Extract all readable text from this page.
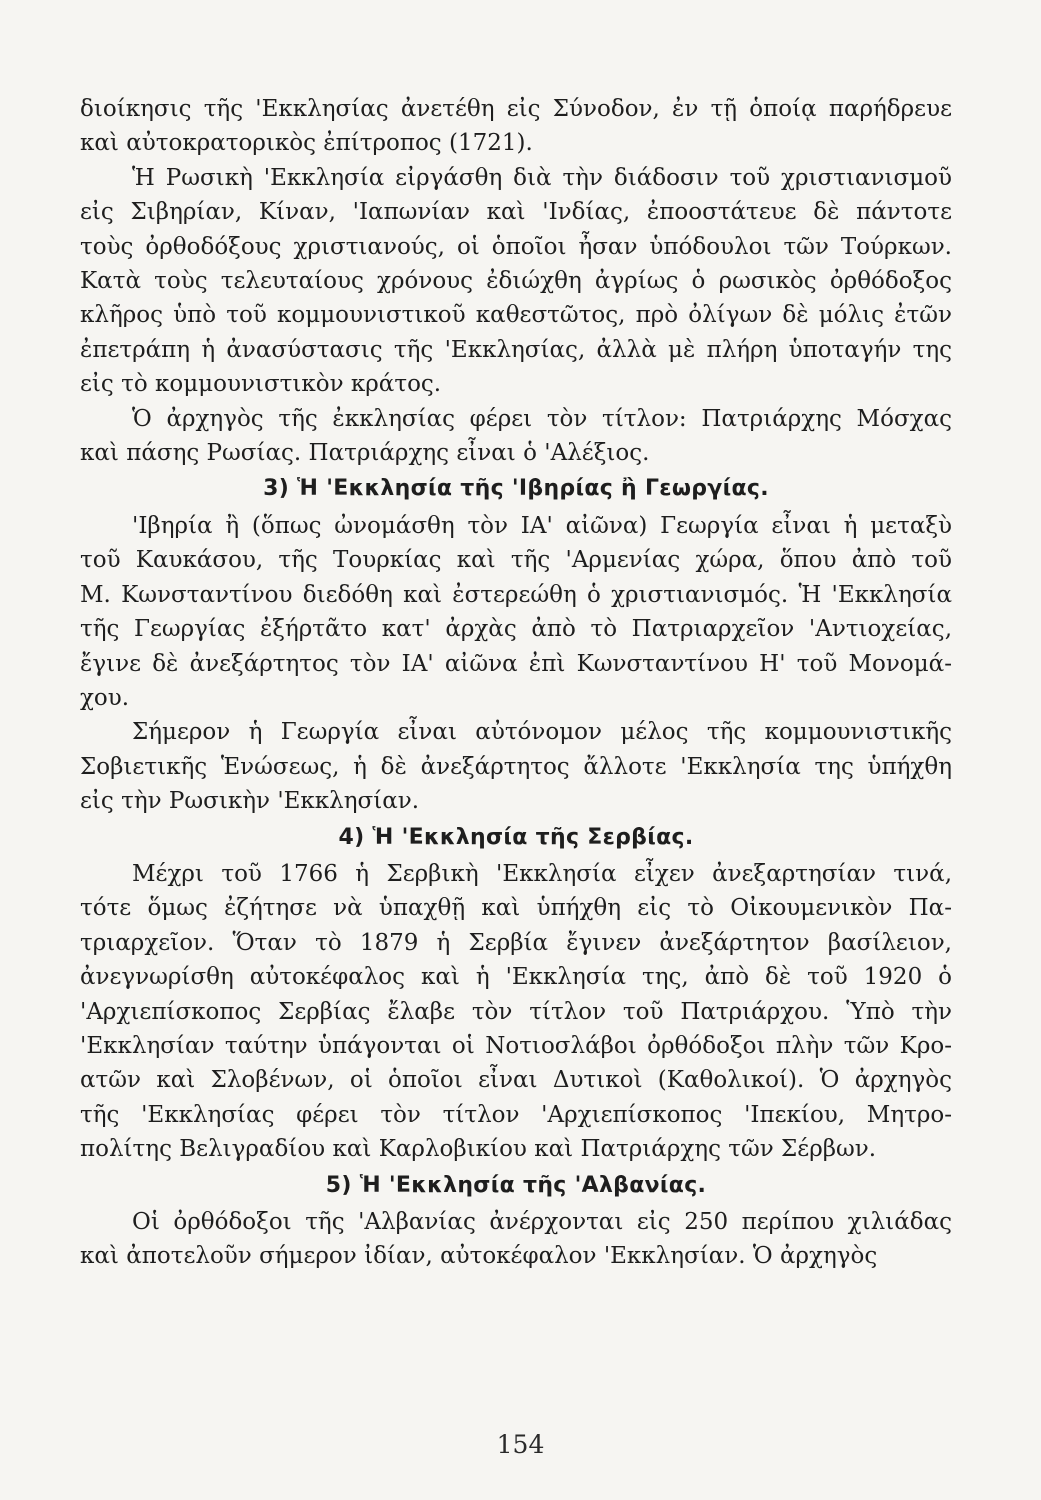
διοίκησις τῆς 'Εκκλησίας ἀνετέθη εἰς Σύνοδον, ἐν τῇ ὁποίᾳ παρήδρευε
καὶ αὐτοκρατορικὸς ἐπίτροπος (1721).
Ἡ Ρωσικὴ 'Εκκλησία εἰργάσθη διὰ τὴν διάδοσιν τοῦ χριστιανισμοῦ
εἰς Σιβηρίαν, Κίναν, 'Ιαπωνίαν καὶ 'Ινδίας, ἐποοστάτευε δὲ πάντοτε
τοὺς ὀρθοδόξους χριστιανούς, οἱ ὁποῖοι ἦσαν ὑπόδουλοι τῶν Τούρκων.
Κατὰ τοὺς τελευταίους χρόνους ἐδιώχθη ἀγρίως ὁ ρωσικὸς ὀρθόδοξος
κλῆρος ὑπὸ τοῦ κομμουνιστικοῦ καθεστῶτος, πρὸ ὀλίγων δὲ μόλις ἐτῶν
ἐπετράπη ἡ ἀνασύστασις τῆς 'Εκκλησίας, ἀλλὰ μὲ πλήρη ὑποταγήν της
εἰς τὸ κομμουνιστικὸν κράτος.
Ὁ ἀρχηγὸς τῆς ἐκκλησίας φέρει τὸν τίτλον: Πατριάρχης Μόσχας
καὶ πάσης Ρωσίας. Πατριάρχης εἶναι ὁ 'Αλέξιος.
3) Ἡ 'Εκκλησία τῆς 'Ιβηρίας ἢ Γεωργίας.
'Ιβηρία ἢ (ὅπως ὠνομάσθη τὸν ΙΑ' αἰῶνα) Γεωργία εἶναι ἡ μεταξὺ
τοῦ Καυκάσου, τῆς Τουρκίας καὶ τῆς 'Αρμενίας χώρα, ὅπου ἀπὸ τοῦ
Μ. Κωνσταντίνου διεδόθη καὶ ἐστερεώθη ὁ χριστιανισμός. Ἡ 'Εκκλησία
τῆς Γεωργίας ἐξήρτᾶτο κατ' ἀρχὰς ἀπὸ τὸ Πατριαρχεῖον 'Αντιοχείας,
ἔγινε δὲ ἀνεξάρτητος τὸν ΙΑ' αἰῶνα ἐπὶ Κωνσταντίνου Η' τοῦ Μονομά-
χου.
Σήμερον ἡ Γεωργία εἶναι αὐτόνομον μέλος τῆς κομμουνιστικῆς
Σοβιετικῆς Ἑνώσεως, ἡ δὲ ἀνεξάρτητος ἄλλοτε 'Εκκλησία της ὑπήχθη
εἰς τὴν Ρωσικὴν 'Εκκλησίαν.
4) Ἡ 'Εκκλησία τῆς Σερβίας.
Μέχρι τοῦ 1766 ἡ Σερβικὴ 'Εκκλησία εἶχεν ἀνεξαρτησίαν τινά,
τότε ὅμως ἐζήτησε νὰ ὑπαχθῇ καὶ ὑπήχθη εἰς τὸ Οἰκουμενικὸν Πα-
τριαρχεῖον. Ὅταν τὸ 1879 ἡ Σερβία ἔγινεν ἀνεξάρτητον βασίλειον,
ἀνεγνωρίσθη αὐτοκέφαλος καὶ ἡ 'Εκκλησία της, ἀπὸ δὲ τοῦ 1920 ὁ
'Αρχιεπίσκοπος Σερβίας ἔλαβε τὸν τίτλον τοῦ Πατριάρχου. Ὑπὸ τὴν
'Εκκλησίαν ταύτην ὑπάγονται οἱ Νοτιοσλάβοι ὀρθόδοξοι πλὴν τῶν Κρο-
ατῶν καὶ Σλοβένων, οἱ ὁποῖοι εἶναι Δυτικοὶ (Καθολικοί). Ὁ ἀρχηγὸς
τῆς 'Εκκλησίας φέρει τὸν τίτλον 'Αρχιεπίσκοπος 'Ιπεκίου, Μητρο-
πολίτης Βελιγραδίου καὶ Καρλοβικίου καὶ Πατριάρχης τῶν Σέρβων.
5) Ἡ 'Εκκλησία τῆς 'Αλβανίας.
Οἱ ὀρθόδοξοι τῆς 'Αλβανίας ἀνέρχονται εἰς 250 περίπου χιλιάδας
καὶ ἀποτελοῦν σήμερον ἰδίαν, αὐτοκέφαλον 'Εκκλησίαν. Ὁ ἀρχηγὸς
154
